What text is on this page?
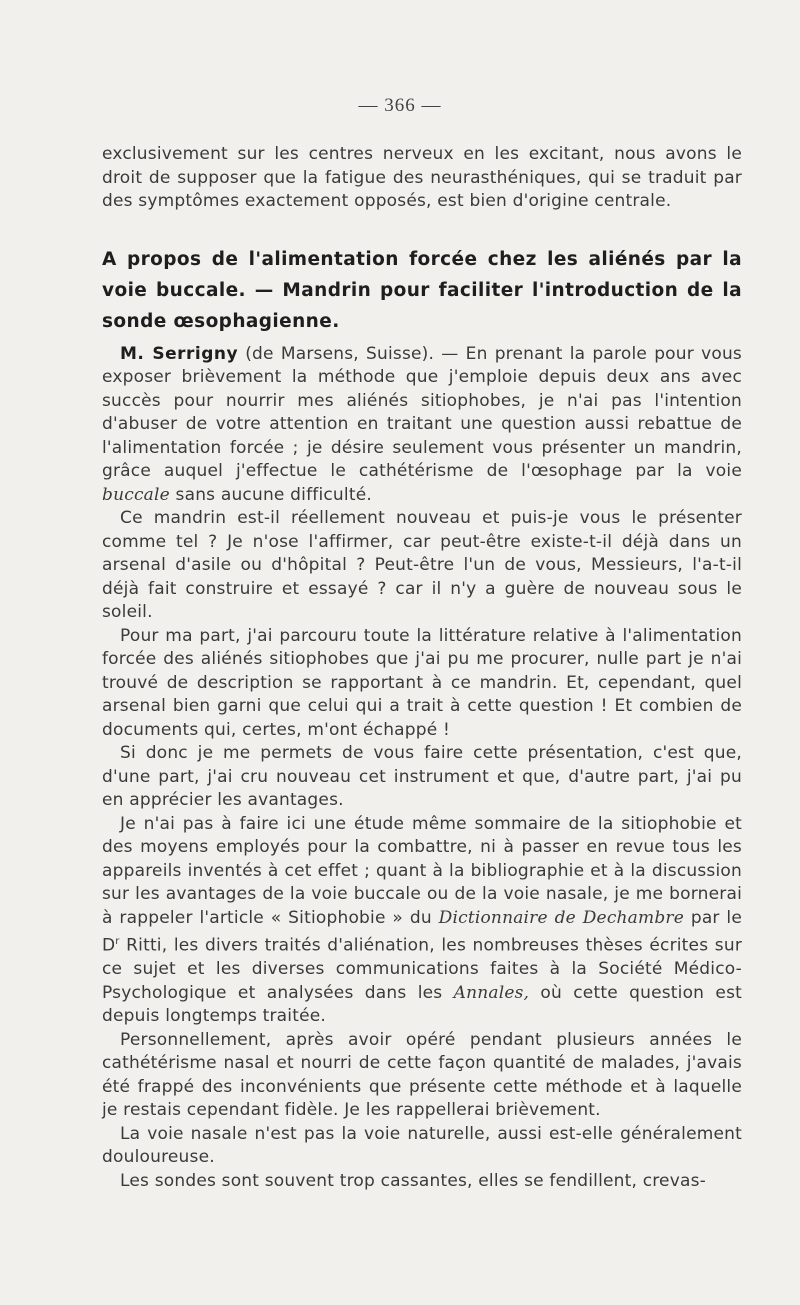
— 366 —

exclusivement sur les centres nerveux en les excitant, nous avons le droit de supposer que la fatigue des neurasthéniques, qui se traduit par des symptômes exactement opposés, est bien d'origine centrale.

A propos de l'alimentation forcée chez les aliénés par la voie buccale. — Mandrin pour faciliter l'introduction de la sonde œsophagienne.

M. Serrigny (de Marsens, Suisse). — En prenant la parole pour vous exposer brièvement la méthode que j'emploie depuis deux ans avec succès pour nourrir mes aliénés sitiophobes, je n'ai pas l'intention d'abuser de votre attention en traitant une question aussi rebattue de l'alimentation forcée ; je désire seulement vous présenter un mandrin, grâce auquel j'effectue le cathétérisme de l'œsophage par la voie buccale sans aucune difficulté.

Ce mandrin est-il réellement nouveau et puis-je vous le présenter comme tel ? Je n'ose l'affirmer, car peut-être existe-t-il déjà dans un arsenal d'asile ou d'hôpital ? Peut-être l'un de vous, Messieurs, l'a-t-il déjà fait construire et essayé ? car il n'y a guère de nouveau sous le soleil.

Pour ma part, j'ai parcouru toute la littérature relative à l'alimentation forcée des aliénés sitiophobes que j'ai pu me procurer, nulle part je n'ai trouvé de description se rapportant à ce mandrin. Et, cependant, quel arsenal bien garni que celui qui a trait à cette question ! Et combien de documents qui, certes, m'ont échappé !

Si donc je me permets de vous faire cette présentation, c'est que, d'une part, j'ai cru nouveau cet instrument et que, d'autre part, j'ai pu en apprécier les avantages.

Je n'ai pas à faire ici une étude même sommaire de la sitiophobie et des moyens employés pour la combattre, ni à passer en revue tous les appareils inventés à cet effet ; quant à la bibliographie et à la discussion sur les avantages de la voie buccale ou de la voie nasale, je me bornerai à rappeler l'article « Sitiophobie » du Dictionnaire de Dechambre par le $D^r$ Ritti, les divers traités d'aliénation, les nombreuses thèses écrites sur ce sujet et les diverses communications faites à la Société Médico-Psychologique et analysées dans les Annales, où cette question est depuis longtemps traitée.

Personnellement, après avoir opéré pendant plusieurs années le cathétérisme nasal et nourri de cette façon quantité de malades, j'avais été frappé des inconvénients que présente cette méthode et à laquelle je restais cependant fidèle. Je les rappellerai brièvement.

La voie nasale n'est pas la voie naturelle, aussi est-elle généralement douloureuse.

Les sondes sont souvent trop cassantes, elles se fendillent, crevas-
